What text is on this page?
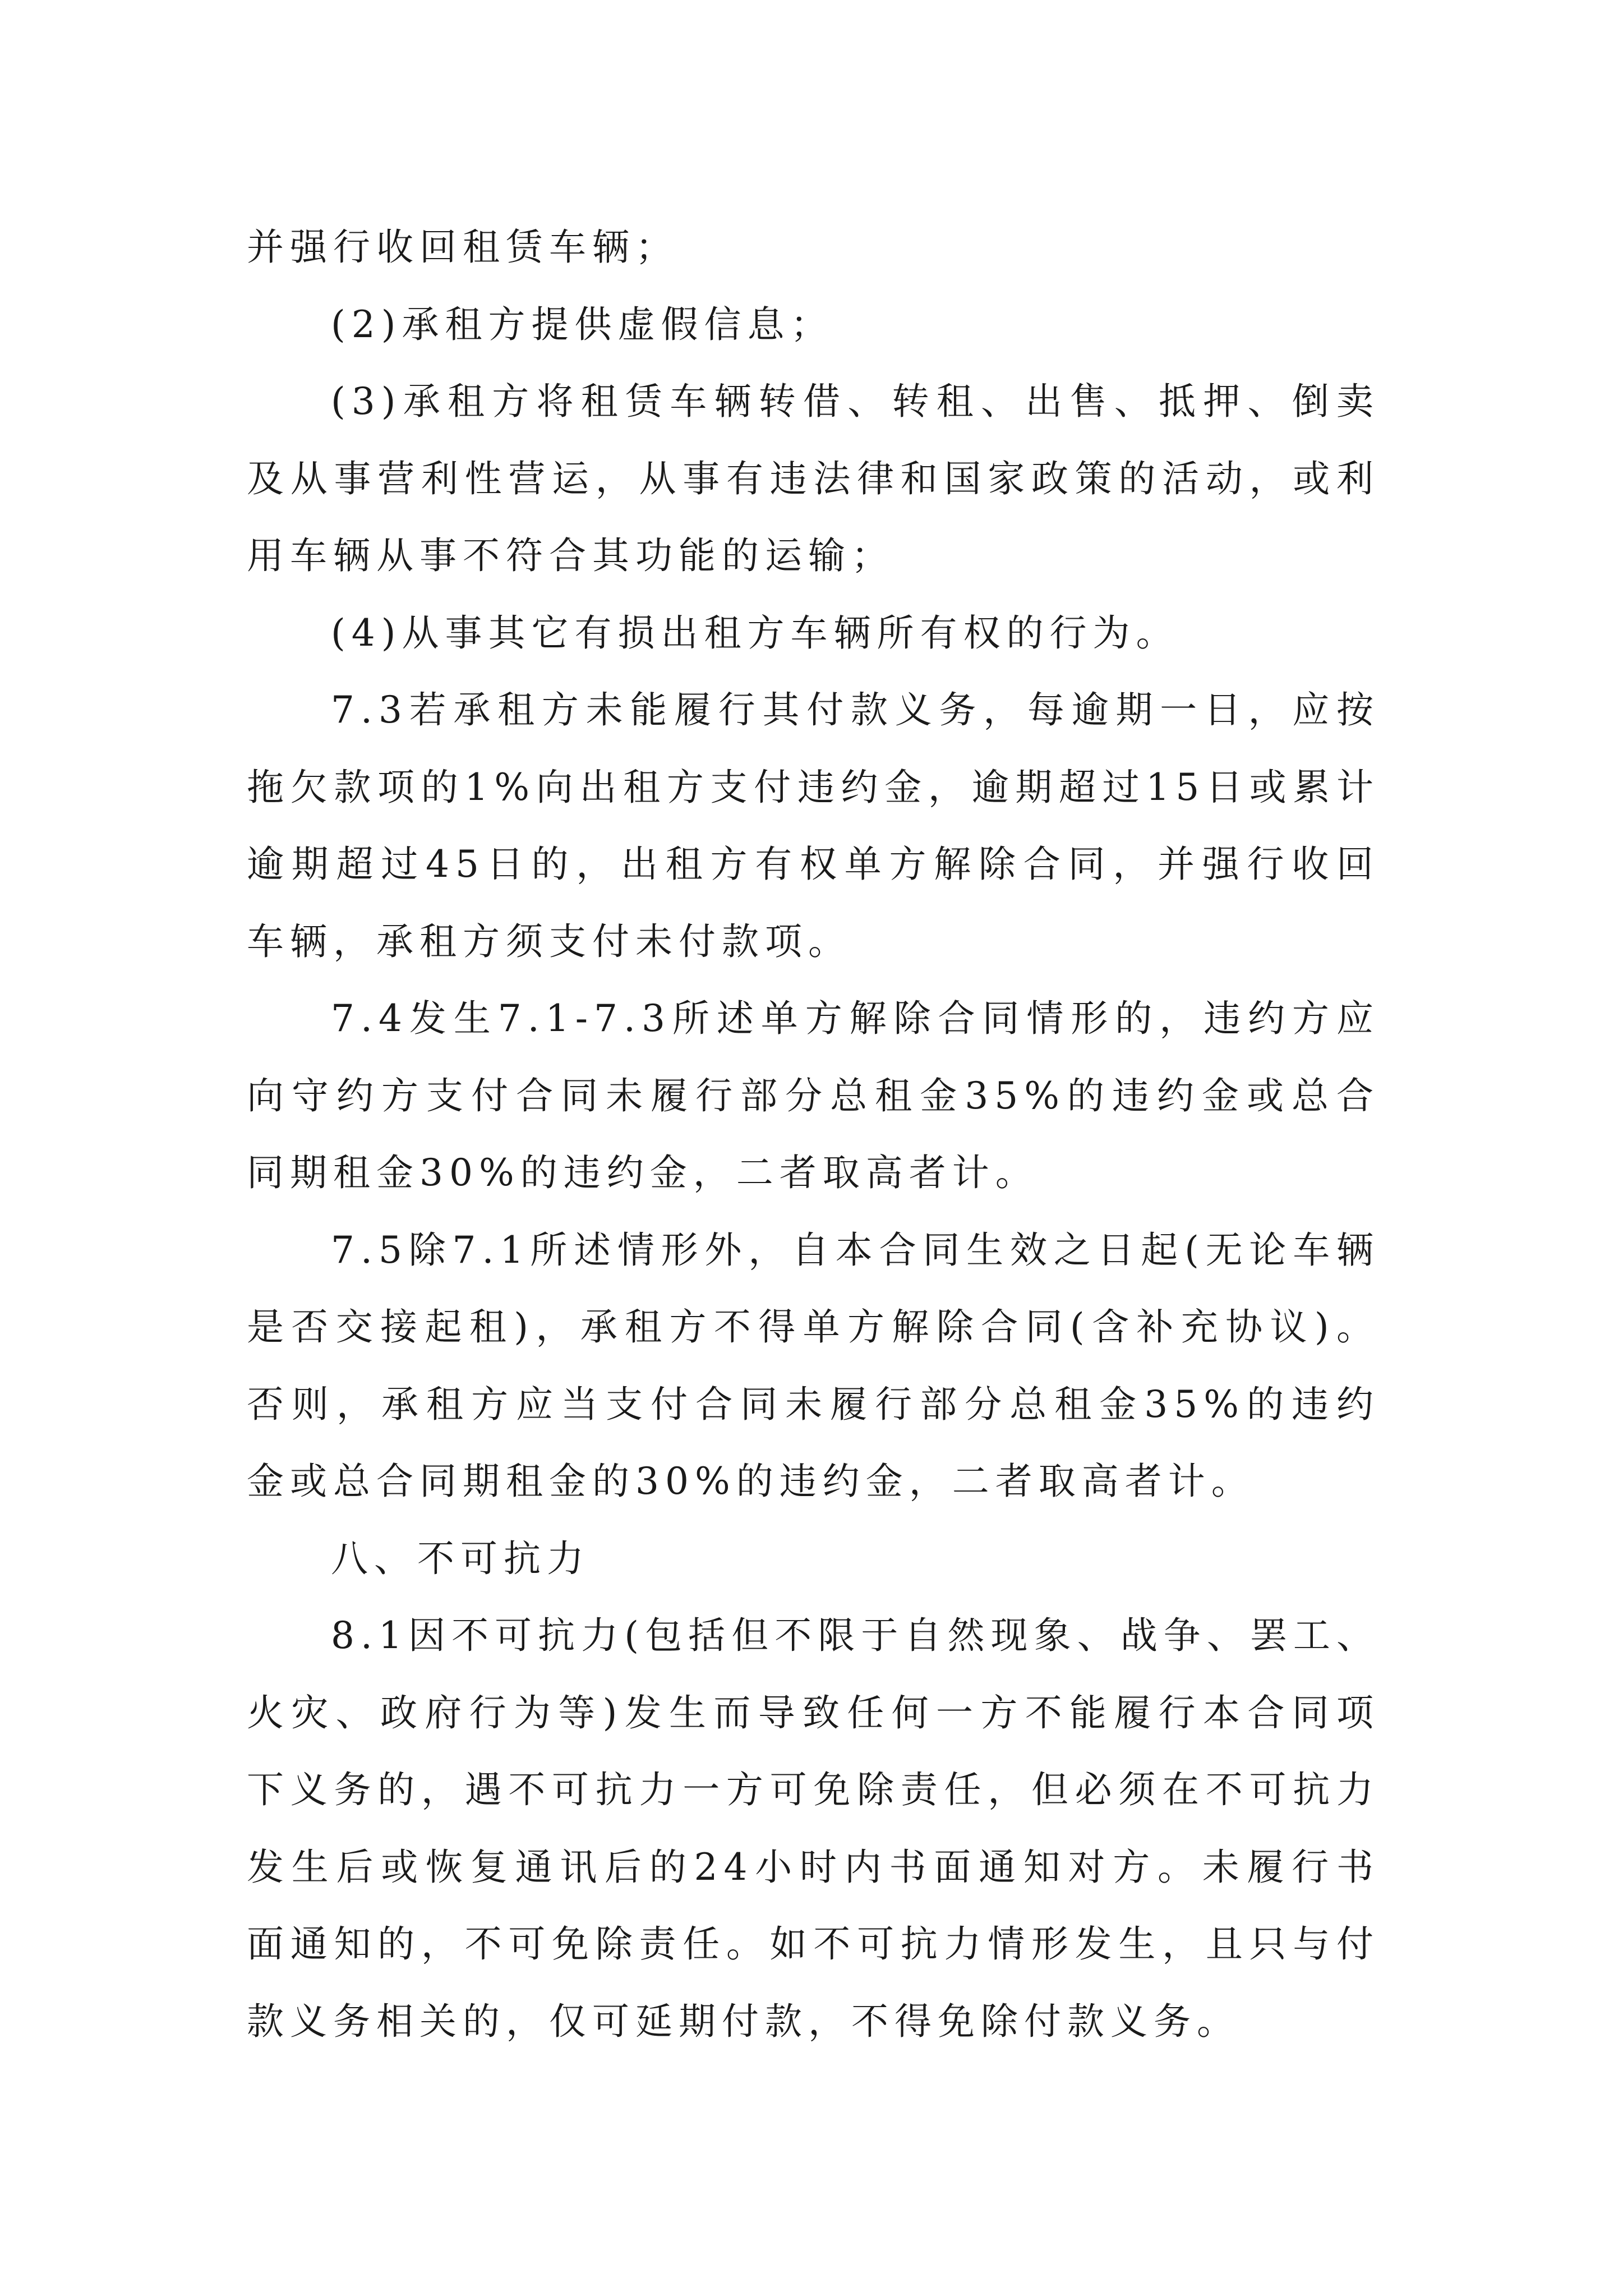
并强行收回租赁车辆；

(2)承租方提供虚假信息；

(3)承租方将租赁车辆转借、转租、出售、抵押、倒卖及从事营利性营运，从事有违法律和国家政策的活动，或利用车辆从事不符合其功能的运输；

(4)从事其它有损出租方车辆所有权的行为。

7.3若承租方未能履行其付款义务，每逾期一日，应按拖欠款项的1%向出租方支付违约金，逾期超过15日或累计逾期超过45日的，出租方有权单方解除合同，并强行收回车辆，承租方须支付未付款项。

7.4发生7.1-7.3所述单方解除合同情形的，违约方应向守约方支付合同未履行部分总租金35%的违约金或总合同期租金30%的违约金，二者取高者计。

7.5除7.1所述情形外，自本合同生效之日起(无论车辆是否交接起租)，承租方不得单方解除合同(含补充协议)。否则，承租方应当支付合同未履行部分总租金35%的违约金或总合同期租金的30%的违约金，二者取高者计。

八、不可抗力

8.1因不可抗力(包括但不限于自然现象、战争、罢工、火灾、政府行为等)发生而导致任何一方不能履行本合同项下义务的，遇不可抗力一方可免除责任，但必须在不可抗力发生后或恢复通讯后的24小时内书面通知对方。未履行书面通知的，不可免除责任。如不可抗力情形发生，且只与付款义务相关的，仅可延期付款，不得免除付款义务。
